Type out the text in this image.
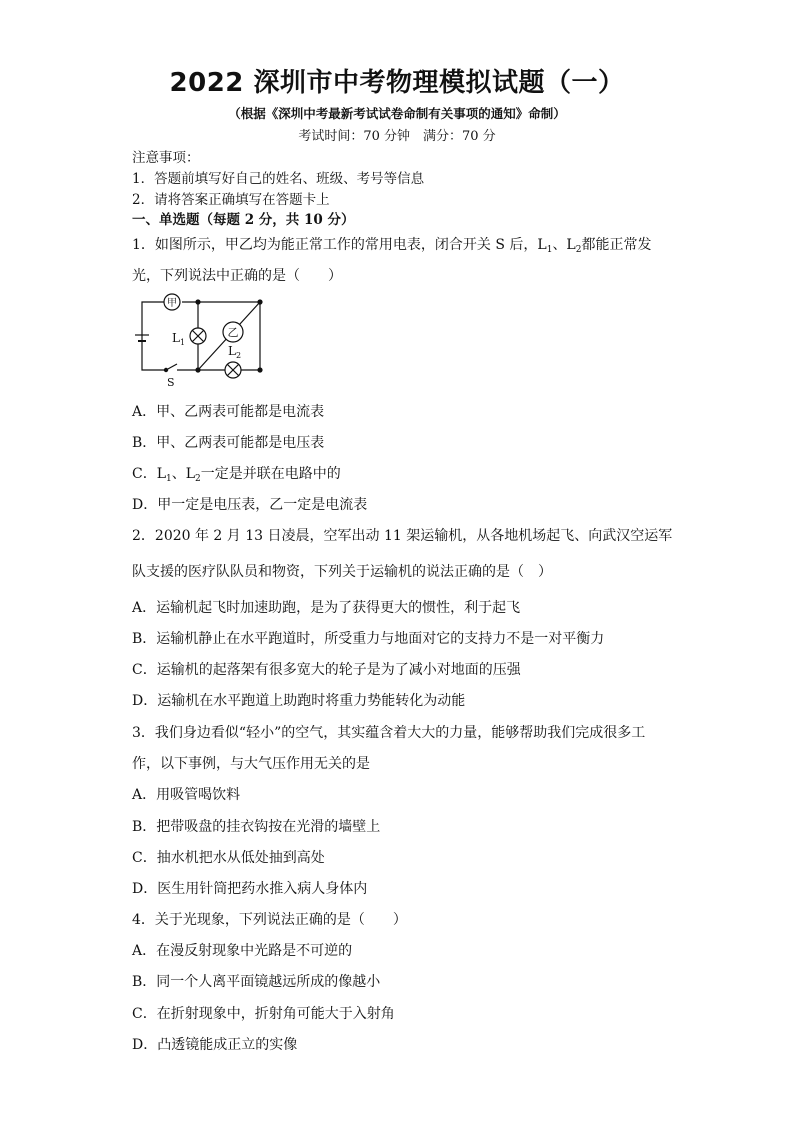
2022 深圳市中考物理模拟试题（一）
（根据《深圳中考最新考试试卷命制有关事项的通知》命制）
考试时间：70 分钟　满分：70 分
注意事项：
1．答题前填写好自己的姓名、班级、考号等信息
2．请将答案正确填写在答题卡上
一、单选题（每题 2 分，共 10 分）
1．如图所示，甲乙均为能正常工作的常用电表，闭合开关 S 后，$L_1$、$L_2$都能正常发
光，下列说法中正确的是（　　）
甲
$L_1$
乙
$L_2$
S
A．甲、乙两表可能都是电流表
B．甲、乙两表可能都是电压表
C．$L_1$、$L_2$一定是并联在电路中的
D．甲一定是电压表，乙一定是电流表
2．2020 年 2 月 13 日凌晨，空军出动 11 架运输机，从各地机场起飞、向武汉空运军
队支援的医疗队队员和物资，下列关于运输机的说法正确的是（　）
A．运输机起飞时加速助跑，是为了获得更大的惯性，利于起飞
B．运输机静止在水平跑道时，所受重力与地面对它的支持力不是一对平衡力
C．运输机的起落架有很多宽大的轮子是为了减小对地面的压强
D．运输机在水平跑道上助跑时将重力势能转化为动能
3．我们身边看似“轻小”的空气，其实蕴含着大大的力量，能够帮助我们完成很多工
作，以下事例，与大气压作用无关的是
A．用吸管喝饮料
B．把带吸盘的挂衣钩按在光滑的墙壁上
C．抽水机把水从低处抽到高处
D．医生用针筒把药水推入病人身体内
4．关于光现象，下列说法正确的是（　　）
A．在漫反射现象中光路是不可逆的
B．同一个人离平面镜越远所成的像越小
C．在折射现象中，折射角可能大于入射角
D．凸透镜能成正立的实像
